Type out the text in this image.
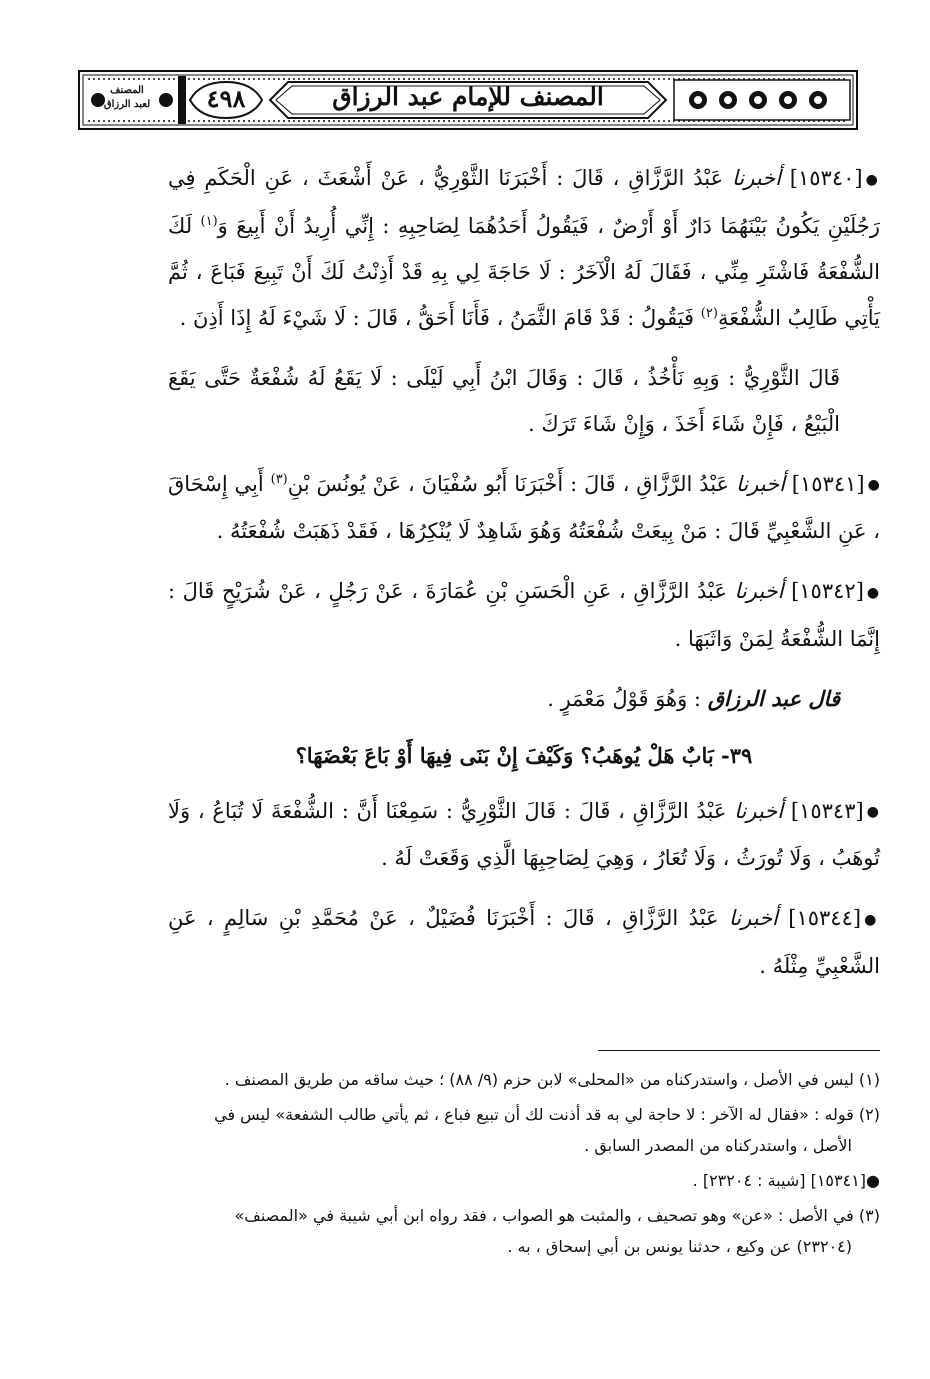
المصنف
لعبد الرزاق	٤٩٨	المصنف للإمام عبد الرزاق

●[١٥٣٤٠] أخبرنا عَبْدُ الرَّزَّاقِ ، قَالَ : أَخْبَرَنَا الثَّوْرِيُّ ، عَنْ أَشْعَثَ ، عَنِ الْحَكَمِ فِي رَجُلَيْنِ يَكُونُ بَيْنَهُمَا دَارٌ أَوْ أَرْضٌ ، فَيَقُولُ أَحَدُهُمَا لِصَاحِبِهِ : إِنِّي أُرِيدُ أَنْ أَبِيعَ وَ$^{(١)}$ لَكَ الشُّفْعَةُ فَاشْتَرِ مِنِّي ، فَقَالَ لَهُ الْآخَرُ : لَا حَاجَةَ لِي بِهِ قَدْ أَذِنْتُ لَكَ أَنْ تَبِيعَ فَبَاعَ ، ثُمَّ يَأْتِي طَالِبُ الشُّفْعَةِ$^{(٢)}$ فَيَقُولُ : قَدْ قَامَ الثَّمَنُ ، فَأَنَا أَحَقُّ ، قَالَ : لَا شَيْءَ لَهُ إِذَا أَذِنَ .

قَالَ الثَّوْرِيُّ : وَبِهِ نَأْخُذُ ، قَالَ : وَقَالَ ابْنُ أَبِي لَيْلَى : لَا يَقَعُ لَهُ شُفْعَةٌ حَتَّى يَقَعَ الْبَيْعُ ، فَإِنْ شَاءَ أَخَذَ ، وَإِنْ شَاءَ تَرَكَ .

●[١٥٣٤١] أخبرنا عَبْدُ الرَّزَّاقِ ، قَالَ : أَخْبَرَنَا أَبُو سُفْيَانَ ، عَنْ يُونُسَ بْنِ$^{(٣)}$ أَبِي إِسْحَاقَ ، عَنِ الشَّعْبِيِّ قَالَ : مَنْ بِيعَتْ شُفْعَتُهُ وَهُوَ شَاهِدٌ لَا يُنْكِرُهَا ، فَقَدْ ذَهَبَتْ شُفْعَتُهُ .

●[١٥٣٤٢] أخبرنا عَبْدُ الرَّزَّاقِ ، عَنِ الْحَسَنِ بْنِ عُمَارَةَ ، عَنْ رَجُلٍ ، عَنْ شُرَيْحٍ قَالَ : إِنَّمَا الشُّفْعَةُ لِمَنْ وَاثَبَهَا .

قال عبد الرزاق : وَهُوَ قَوْلُ مَعْمَرٍ .

٣٩- بَابٌ هَلْ يُوهَبُ؟ وَكَيْفَ إِنْ بَنَى فِيهَا أَوْ بَاعَ بَعْضَهَا؟

●[١٥٣٤٣] أخبرنا عَبْدُ الرَّزَّاقِ ، قَالَ : قَالَ الثَّوْرِيُّ : سَمِعْنَا أَنَّ : الشُّفْعَةَ لَا تُبَاعُ ، وَلَا تُوهَبُ ، وَلَا تُورَثُ ، وَلَا تُعَارُ ، وَهِيَ لِصَاحِبِهَا الَّذِي وَقَعَتْ لَهُ .

●[١٥٣٤٤] أخبرنا عَبْدُ الرَّزَّاقِ ، قَالَ : أَخْبَرَنَا فُضَيْلٌ ، عَنْ مُحَمَّدِ بْنِ سَالِمٍ ، عَنِ الشَّعْبِيِّ مِثْلَهُ .

(١) ليس في الأصل ، واستدركناه من «المحلى» لابن حزم (٩/ ٨٨) ؛ حيث ساقه من طريق المصنف .
(٢) قوله : «فقال له الآخر : لا حاجة لي به قد أذنت لك أن تبيع فباع ، ثم يأتي طالب الشفعة» ليس في
الأصل ، واستدركناه من المصدر السابق .
●[١٥٣٤١] [شيبة : ٢٣٢٠٤] .
(٣) في الأصل : «عن» وهو تصحيف ، والمثبت هو الصواب ، فقد رواه ابن أبي شيبة في «المصنف»
(٢٣٢٠٤) عن وكيع ، حدثنا يونس بن أبي إسحاق ، به .
